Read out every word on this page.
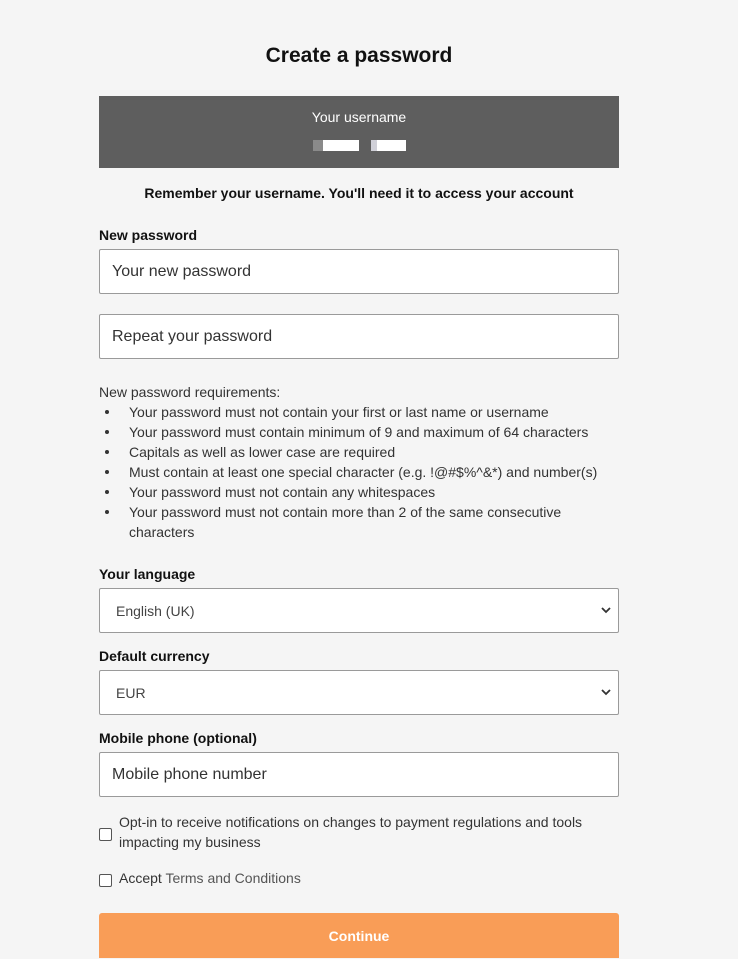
Create a password
Your username
Remember your username. You'll need it to access your account
New password
New password requirements:
Your password must not contain your first or last name or username
Your password must contain minimum of 9 and maximum of 64 characters
Capitals as well as lower case are required
Must contain at least one special character (e.g. !@#$%^&*) and number(s)
Your password must not contain any whitespaces
Your password must not contain more than 2 of the same consecutive characters
Your language
English (UK)
Default currency
EUR
Mobile phone (optional)
Mobile phone number
Opt-in to receive notifications on changes to payment regulations and tools impacting my business
Accept Terms and Conditions
Continue
